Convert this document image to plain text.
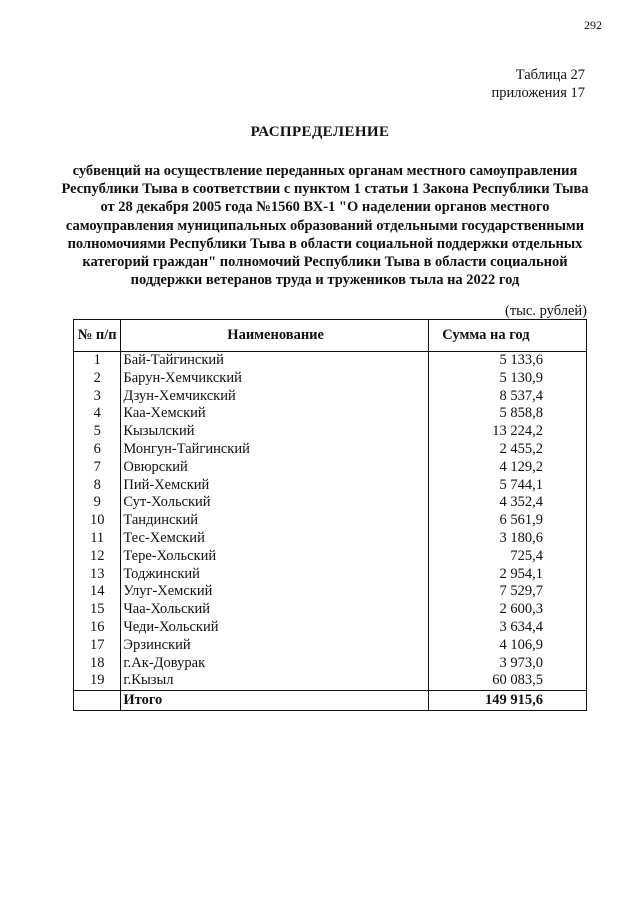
292
Таблица 27
приложения 17
РАСПРЕДЕЛЕНИЕ
субвенций на осуществление переданных органам местного самоуправления Республики Тыва в соответствии с пунктом 1 статьи 1 Закона Республики Тыва от 28 декабря 2005 года №1560 ВХ-1 "О наделении органов местного самоуправления муниципальных образований отдельными государственными полномочиями Республики Тыва в области социальной поддержки отдельных категорий граждан" полномочий Республики Тыва в области социальной поддержки ветеранов труда и тружеников тыла на 2022 год
(тыс. рублей)
№ п/п	Наименование	Сумма на год
1	Бай-Тайгинский	5 133,6
2	Барун-Хемчикский	5 130,9
3	Дзун-Хемчикский	8 537,4
4	Каа-Хемский	5 858,8
5	Кызылский	13 224,2
6	Монгун-Тайгинский	2 455,2
7	Овюрский	4 129,2
8	Пий-Хемский	5 744,1
9	Сут-Хольский	4 352,4
10	Тандинский	6 561,9
11	Тес-Хемский	3 180,6
12	Тере-Хольский	725,4
13	Тоджинский	2 954,1
14	Улуг-Хемский	7 529,7
15	Чаа-Хольский	2 600,3
16	Чеди-Хольский	3 634,4
17	Эрзинский	4 106,9
18	г.Ак-Довурак	3 973,0
19	г.Кызыл	60 083,5
	Итого	149 915,6
